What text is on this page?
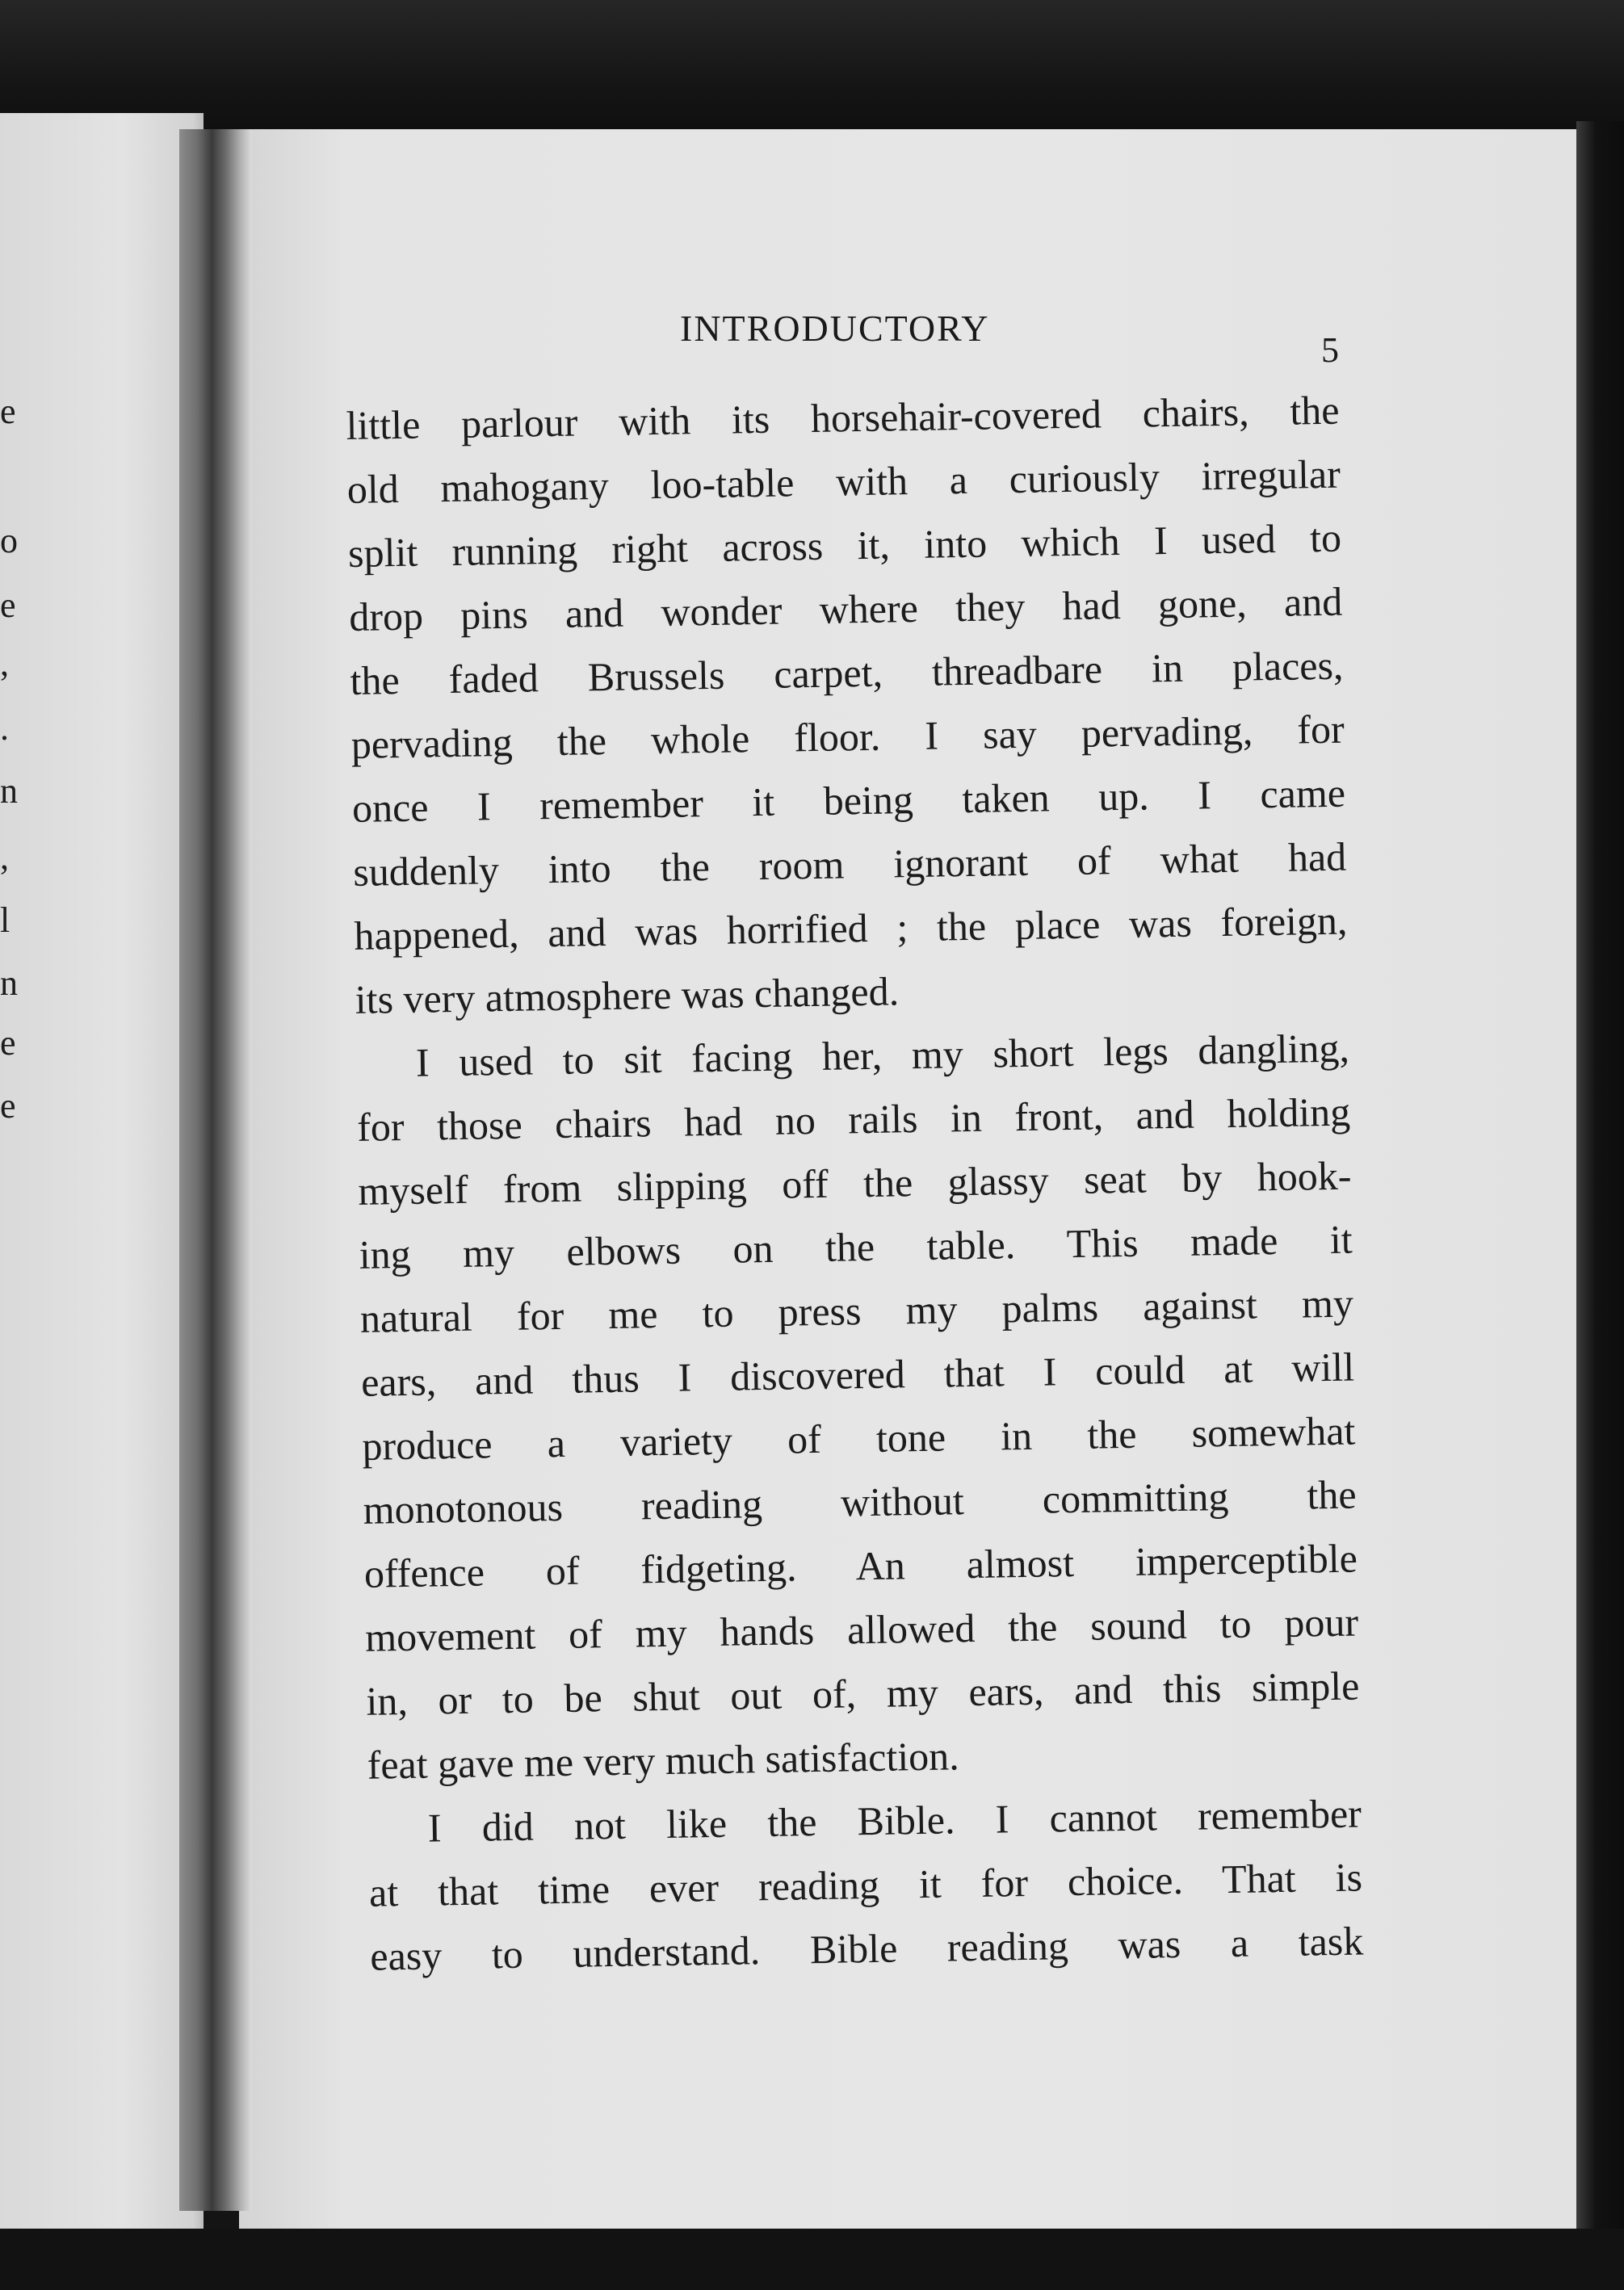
e
o
e
,
.
n
,
l
n
e
e
INTRODUCTORY
5
little parlour with its horsehair-covered chairs, the
old mahogany loo-table with a curiously irregular
split running right across it, into which I used to
drop pins and wonder where they had gone, and
the faded Brussels carpet, threadbare in places,
pervading the whole floor. I say pervading, for
once I remember it being taken up. I came
suddenly into the room ignorant of what had
happened, and was horrified ; the place was foreign,
its very atmosphere was changed.
I used to sit facing her, my short legs dangling,
for those chairs had no rails in front, and holding
myself from slipping off the glassy seat by hook-
ing my elbows on the table. This made it
natural for me to press my palms against my
ears, and thus I discovered that I could at will
produce a variety of tone in the somewhat
monotonous reading without committing the
offence of fidgeting. An almost imperceptible
movement of my hands allowed the sound to pour
in, or to be shut out of, my ears, and this simple
feat gave me very much satisfaction.
I did not like the Bible. I cannot remember
at that time ever reading it for choice. That is
easy to understand. Bible reading was a task
